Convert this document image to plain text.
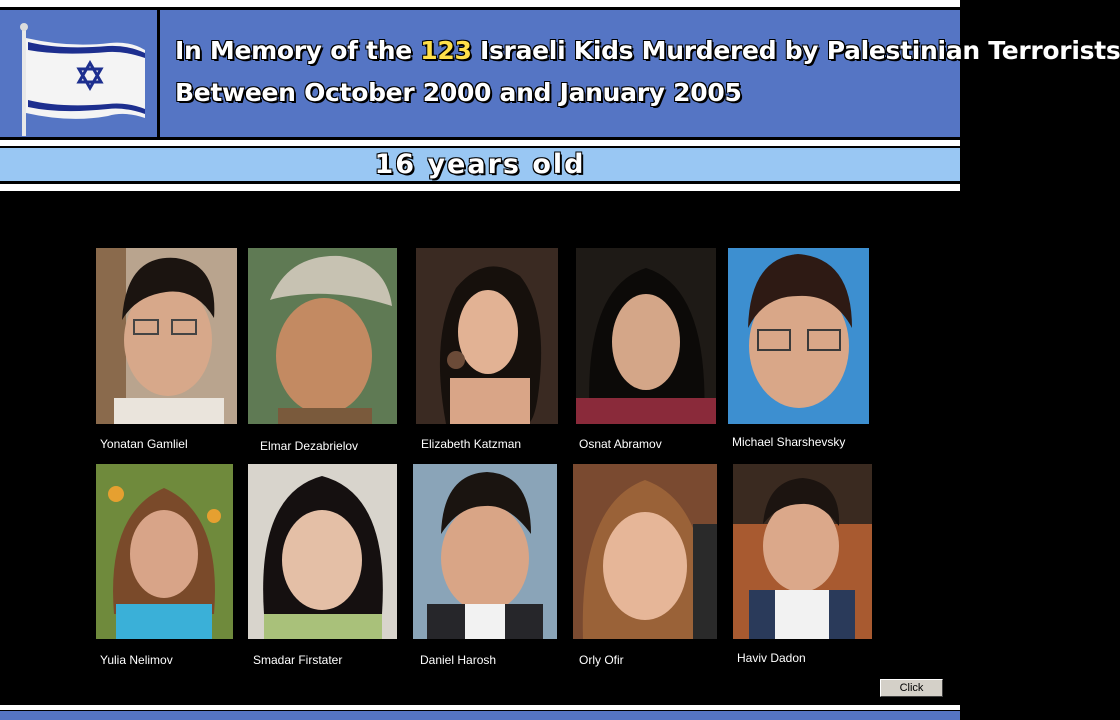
In Memory of the 123 Israeli Kids Murdered by Palestinian Terrorists
Between October 2000 and January 2005
16 years old
Yonatan Gamliel	Elmar Dezabrielov	Elizabeth Katzman	Osnat Abramov	Michael Sharshevsky
Yulia Nelimov	Smadar Firstater	Daniel Harosh	Orly Ofir	Haviv Dadon
Click
